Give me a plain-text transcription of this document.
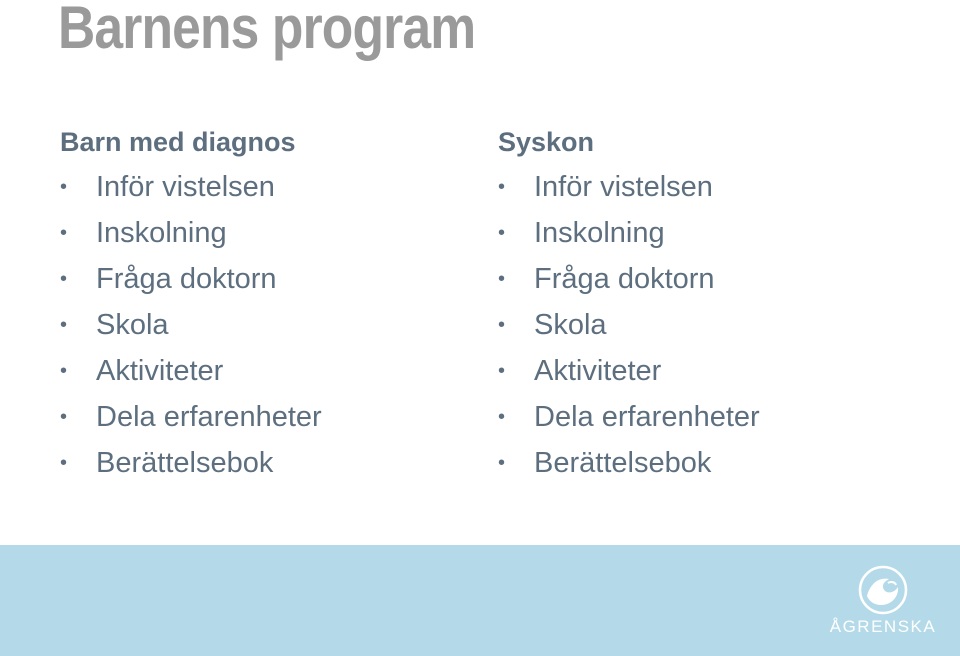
Barnens program
Barn med diagnos
• Inför vistelsen
• Inskolning
• Fråga doktorn
• Skola
• Aktiviteter
• Dela erfarenheter
• Berättelsebok
Syskon
• Inför vistelsen
• Inskolning
• Fråga doktorn
• Skola
• Aktiviteter
• Dela erfarenheter
• Berättelsebok
ÅGRENSKA
